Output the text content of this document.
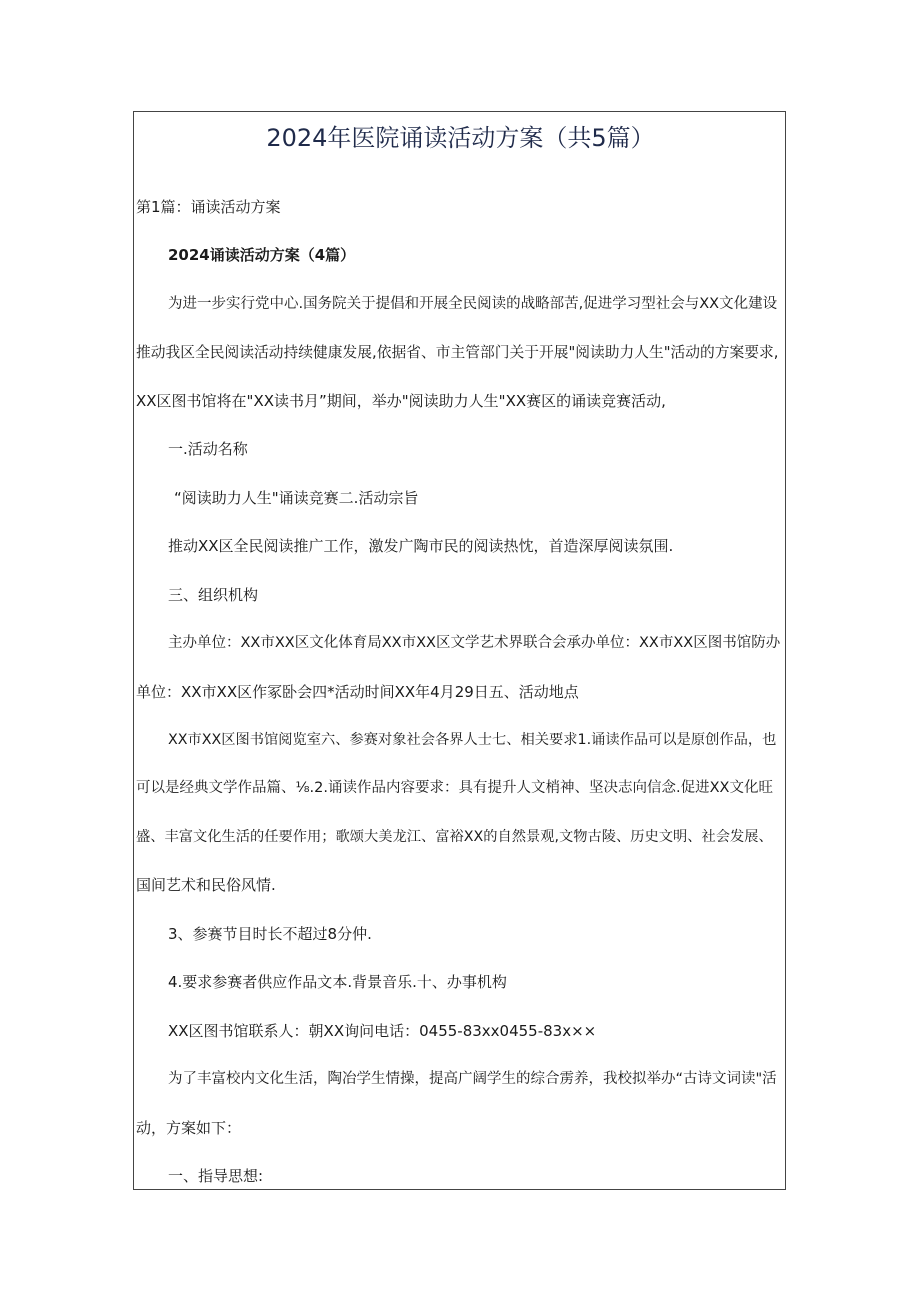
2024年医院诵读活动方案（共5篇）
第1篇：诵读活动方案
2024诵读活动方案（4篇）
为进一步实行党中心.国务院关于提倡和开展全民阅读的战略部苦,促进学习型社会与XX文化建设
推动我区全民阅读活动持续健康发展,依据省、市主管部门关于开展"阅读助力人生"活动的方案要求,
XX区图书馆将在"XX读书月”期间，举办"阅读助力人生"XX赛区的诵读竞赛活动,
一.活动名称
“阅读助力人生"诵读竞赛二.活动宗旨
推动XX区全民阅读推广工作，激发广陶市民的阅读热忱，首造深厚阅读氛围.
三、组织机构
主办单位：XX市XX区文化体育局XX市XX区文学艺术界联合会承办单位：XX市XX区图书馆防办
单位：XX市XX区作冢卧会四*活动时间XX年4月29日五、活动地点
XX市XX区图书馆阅览室六、参赛对象社会各界人士七、相关要求1.诵读作品可以是原创作品，也
可以是经典文学作品篇、⅛.2.诵读作品内容要求：具有提升人文梢神、坚决志向信念.促进XX文化旺
盛、丰富文化生活的任要作用；歌颂大美龙江、富裕XX的自然景观,文物古陵、历史文明、社会发展、
国间艺术和民俗风情.
3、参赛节目时长不超过8分仲.
4.要求参赛者供应作品文本.背景音乐.十、办事机构
XX区图书馆联系人：朝XX询问电话：0455-83xx0455-83x××
为了丰富校内文化生活，陶冶学生情操，提高广阔学生的综合雳养，我校拟举办“古诗文词读"活
动，方案如下：
一、指导思想:
